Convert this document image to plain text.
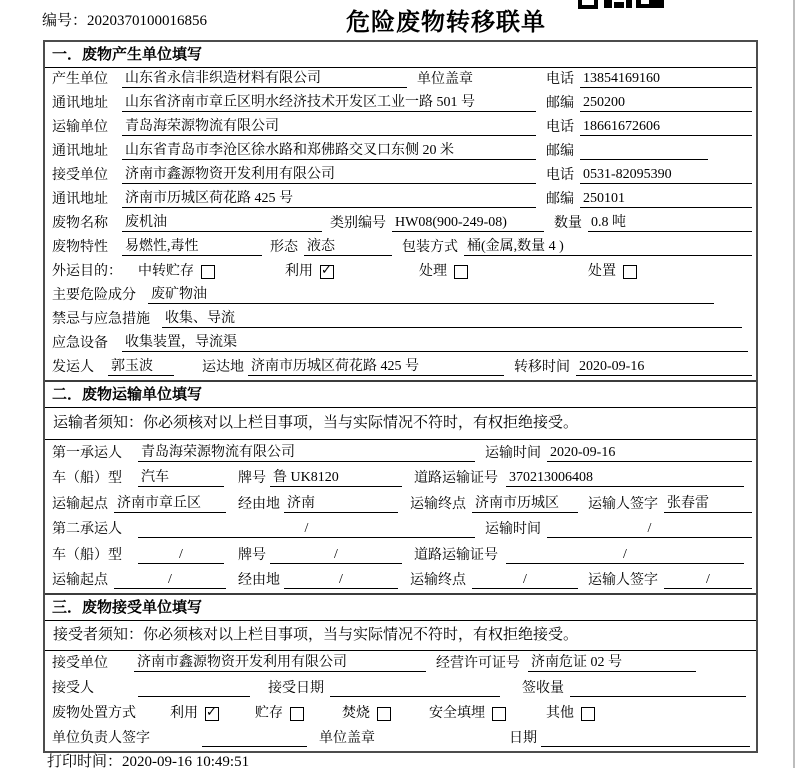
编号：2020370100016856	危险废物转移联单
一．废物产生单位填写
产生单位	山东省永信非织造材料有限公司	单位盖章	电话 13854169160
通讯地址	山东省济南市章丘区明水经济技术开发区工业一路 501 号	邮编 250200
运输单位	青岛海荣源物流有限公司	电话 18661672606
通讯地址	山东省青岛市李沧区徐水路和郑佛路交叉口东侧 20 米	邮编
接受单位	济南市鑫源物资开发利用有限公司	电话 0531-82095390
通讯地址	济南市历城区荷花路 425 号	邮编 250101
废物名称	废机油	类别编号 HW08(900-249-08)	数量 0.8 吨
废物特性	易燃性,毒性	形态 液态	包装方式 桶(金属,数量 4 )
外运目的：	中转贮存	利用 ✓	处理	处置
主要危险成分	废矿物油
禁忌与应急措施	收集、导流
应急设备	收集装置，导流渠
发运人	郭玉波	运达地 济南市历城区荷花路 425 号	转移时间 2020-09-16
二．废物运输单位填写
运输者须知：你必须核对以上栏目事项，当与实际情况不符时，有权拒绝接受。
第一承运人	青岛海荣源物流有限公司	运输时间 2020-09-16
车（船）型	汽车	牌号 鲁 UK8120	道路运输证号 370213006408
运输起点 济南市章丘区	经由地 济南	运输终点 济南市历城区	运输人签字 张春雷
第二承运人	/	运输时间	/
车（船）型	/	牌号	/	道路运输证号	/
运输起点	/	经由地	/	运输终点	/	运输人签字	/
三．废物接受单位填写
接受者须知：你必须核对以上栏目事项，当与实际情况不符时，有权拒绝接受。
接受单位	济南市鑫源物资开发利用有限公司	经营许可证号 济南危证 02 号
接受人	接受日期	签收量
废物处置方式	利用 ✓	贮存	焚烧	安全填埋	其他
单位负责人签字	单位盖章	日期
打印时间：2020-09-16 10:49:51
